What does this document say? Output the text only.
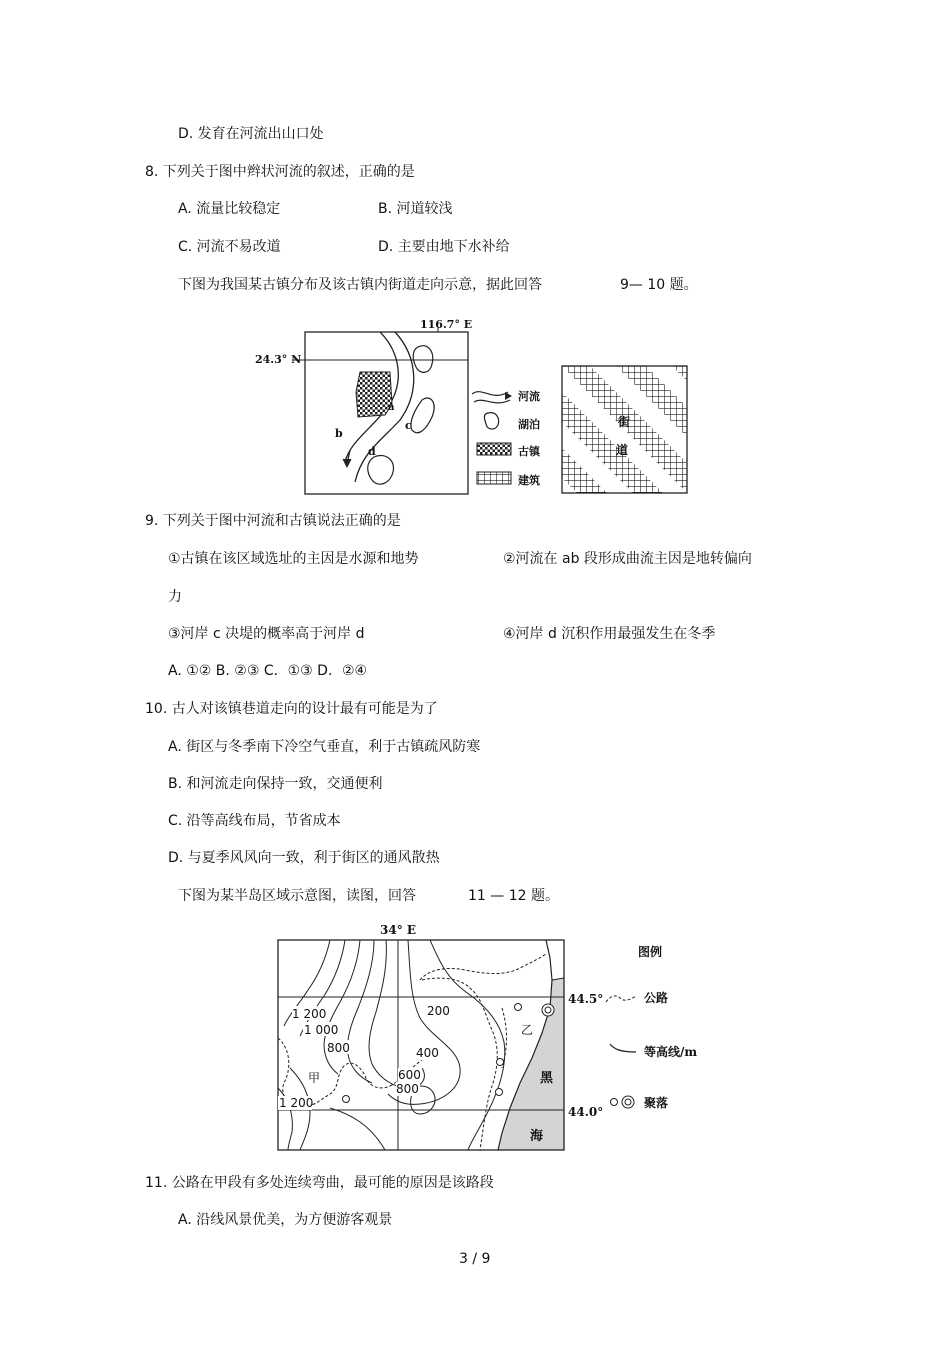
D. 发育在河流出山口处
8. 下列关于图中辫状河流的叙述，正确的是
A. 流量比较稳定	B. 河道较浅
C. 河流不易改道	D. 主要由地下水补给
下图为我国某古镇分布及该古镇内街道走向示意，据此回答	9— 10 题。
116.7° E
24.3° N
a
b
c
d
河流
湖泊
古镇
建筑
街
道
9. 下列关于图中河流和古镇说法正确的是
①古镇在该区域选址的主因是水源和地势	②河流在 ab 段形成曲流主因是地转偏向
力
③河岸 c 决堤的概率高于河岸 d	④河岸 d 沉积作用最强发生在冬季
A. ①② B. ②③ C．①③ D．②④
10. 古人对该镇巷道走向的设计最有可能是为了
A. 街区与冬季南下冷空气垂直，利于古镇疏风防寒
B. 和河流走向保持一致，交通便利
C. 沿等高线布局，节省成本
D. 与夏季风风向一致，利于街区的通风散热
下图为某半岛区域示意图，读图，回答	11 — 12 题。
34° E
1 200
1 000
800
200
400
600
800
1 200
甲
乙
黑
海
44.5°
44.0°
图例
公路
等高线/m
聚落
11. 公路在甲段有多处连续弯曲，最可能的原因是该路段
A. 沿线风景优美，为方便游客观景
3 / 9
